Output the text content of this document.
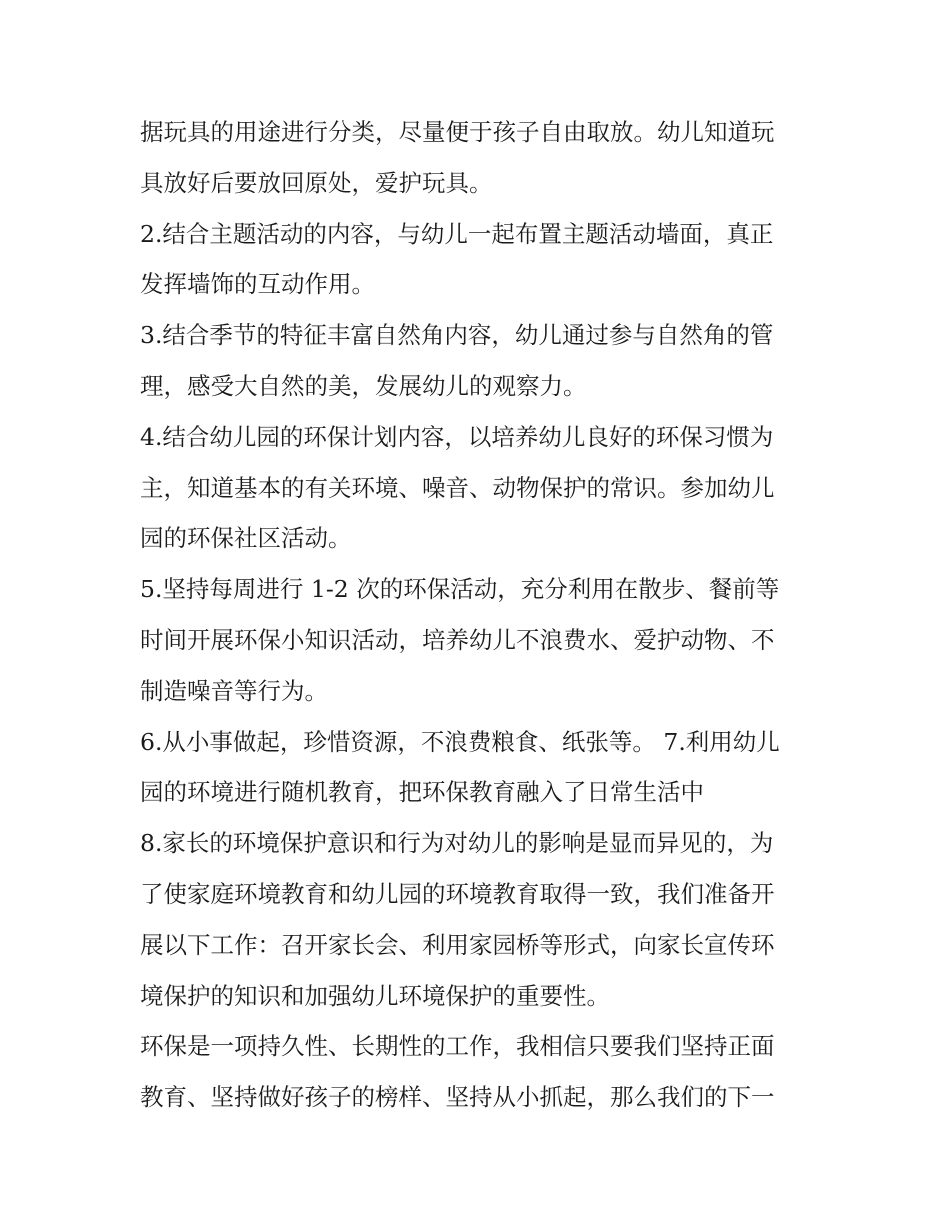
据玩具的用途进行分类，尽量便于孩子自由取放。幼儿知道玩
具放好后要放回原处，爱护玩具。
2.结合主题活动的内容，与幼儿一起布置主题活动墙面，真正
发挥墙饰的互动作用。
3.结合季节的特征丰富自然角内容，幼儿通过参与自然角的管
理，感受大自然的美，发展幼儿的观察力。
4.结合幼儿园的环保计划内容，以培养幼儿良好的环保习惯为
主，知道基本的有关环境、噪音、动物保护的常识。参加幼儿
园的环保社区活动。
5.坚持每周进行 1-2 次的环保活动，充分利用在散步、餐前等
时间开展环保小知识活动，培养幼儿不浪费水、爱护动物、不
制造噪音等行为。
6.从小事做起，珍惜资源，不浪费粮食、纸张等。 7.利用幼儿
园的环境进行随机教育，把环保教育融入了日常生活中
8.家长的环境保护意识和行为对幼儿的影响是显而异见的，为
了使家庭环境教育和幼儿园的环境教育取得一致，我们准备开
展以下工作：召开家长会、利用家园桥等形式，向家长宣传环
境保护的知识和加强幼儿环境保护的重要性。
环保是一项持久性、长期性的工作，我相信只要我们坚持正面
教育、坚持做好孩子的榜样、坚持从小抓起，那么我们的下一
